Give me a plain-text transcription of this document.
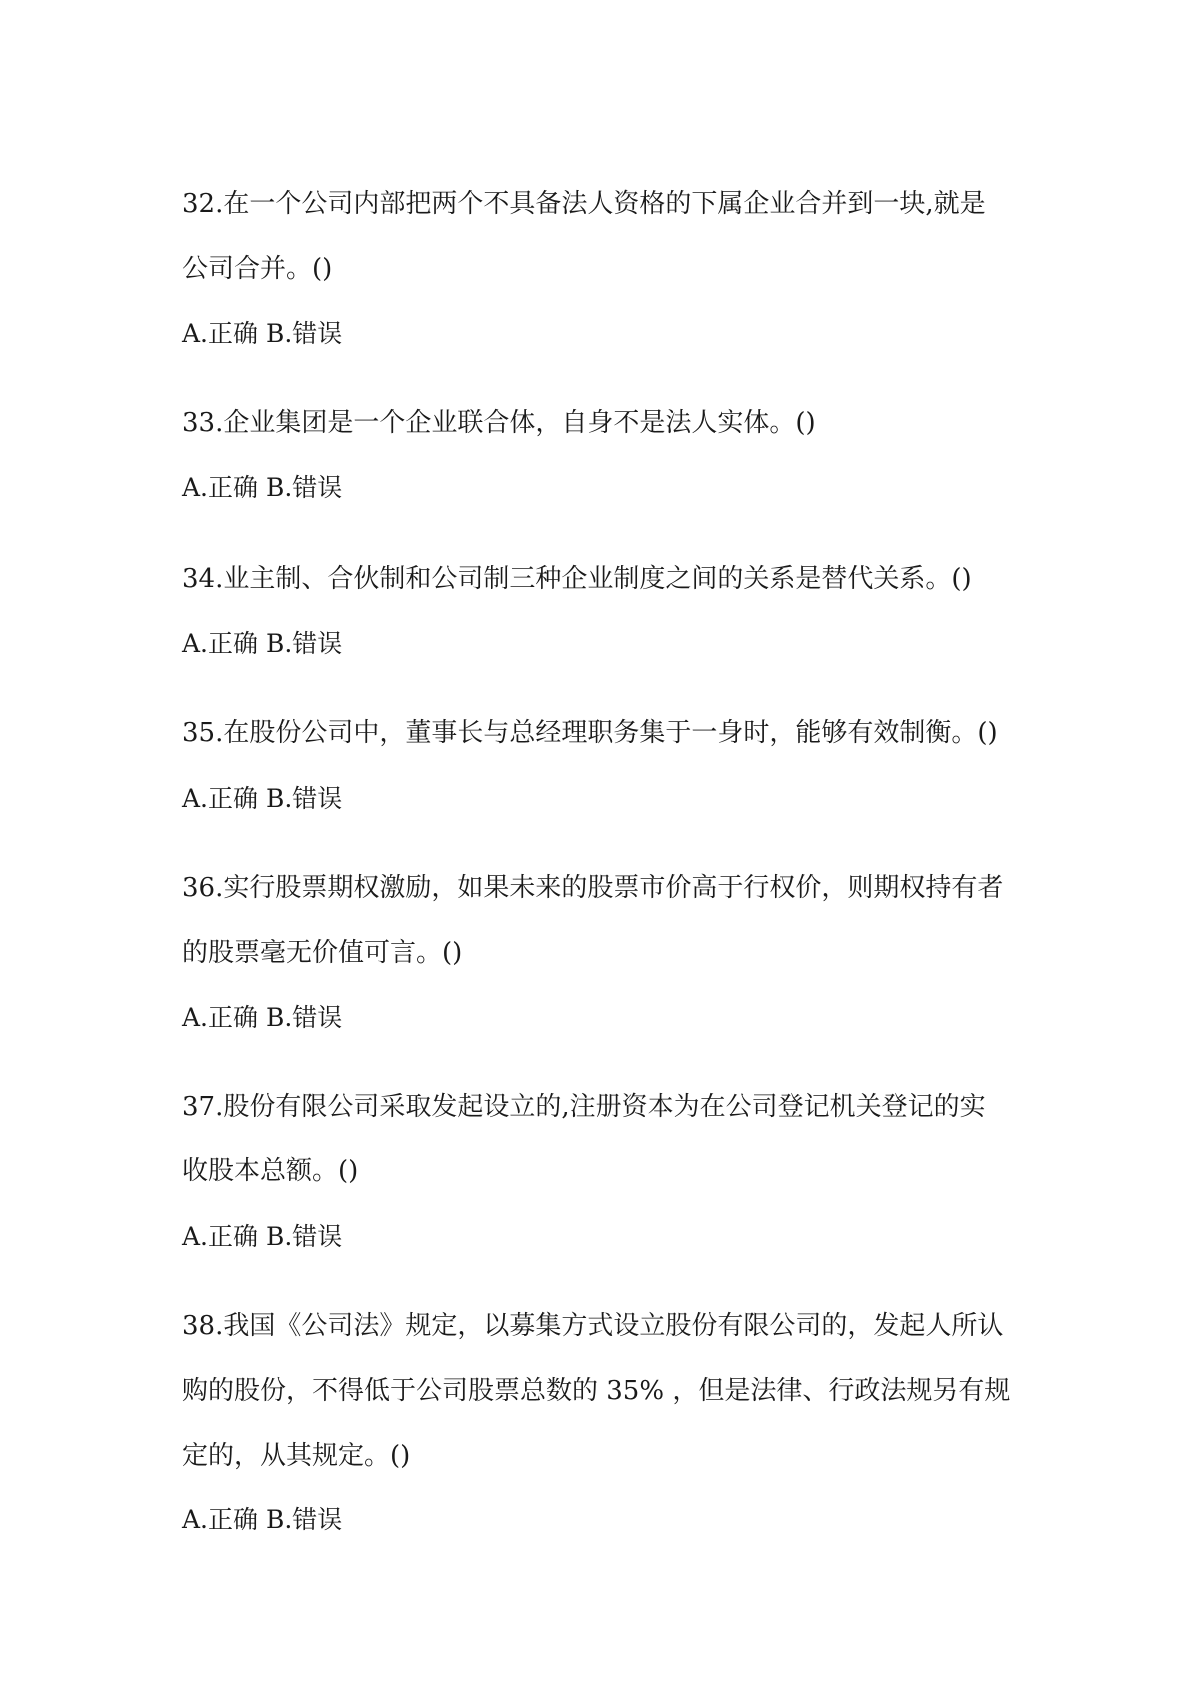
32.在一个公司内部把两个不具备法人资格的下属企业合并到一块,就是
公司合并。()
A.正确 B.错误
33.企业集团是一个企业联合体，自身不是法人实体。()
A.正确 B.错误
34.业主制、合伙制和公司制三种企业制度之间的关系是替代关系。()
A.正确 B.错误
35.在股份公司中，董事长与总经理职务集于一身时，能够有效制衡。()
A.正确 B.错误
36.实行股票期权激励，如果未来的股票市价高于行权价，则期权持有者
的股票毫无价值可言。()
A.正确 B.错误
37.股份有限公司采取发起设立的,注册资本为在公司登记机关登记的实
收股本总额。()
A.正确 B.错误
38.我国《公司法》规定，以募集方式设立股份有限公司的，发起人所认
购的股份，不得低于公司股票总数的 35% ，但是法律、行政法规另有规
定的，从其规定。()
A.正确 B.错误
